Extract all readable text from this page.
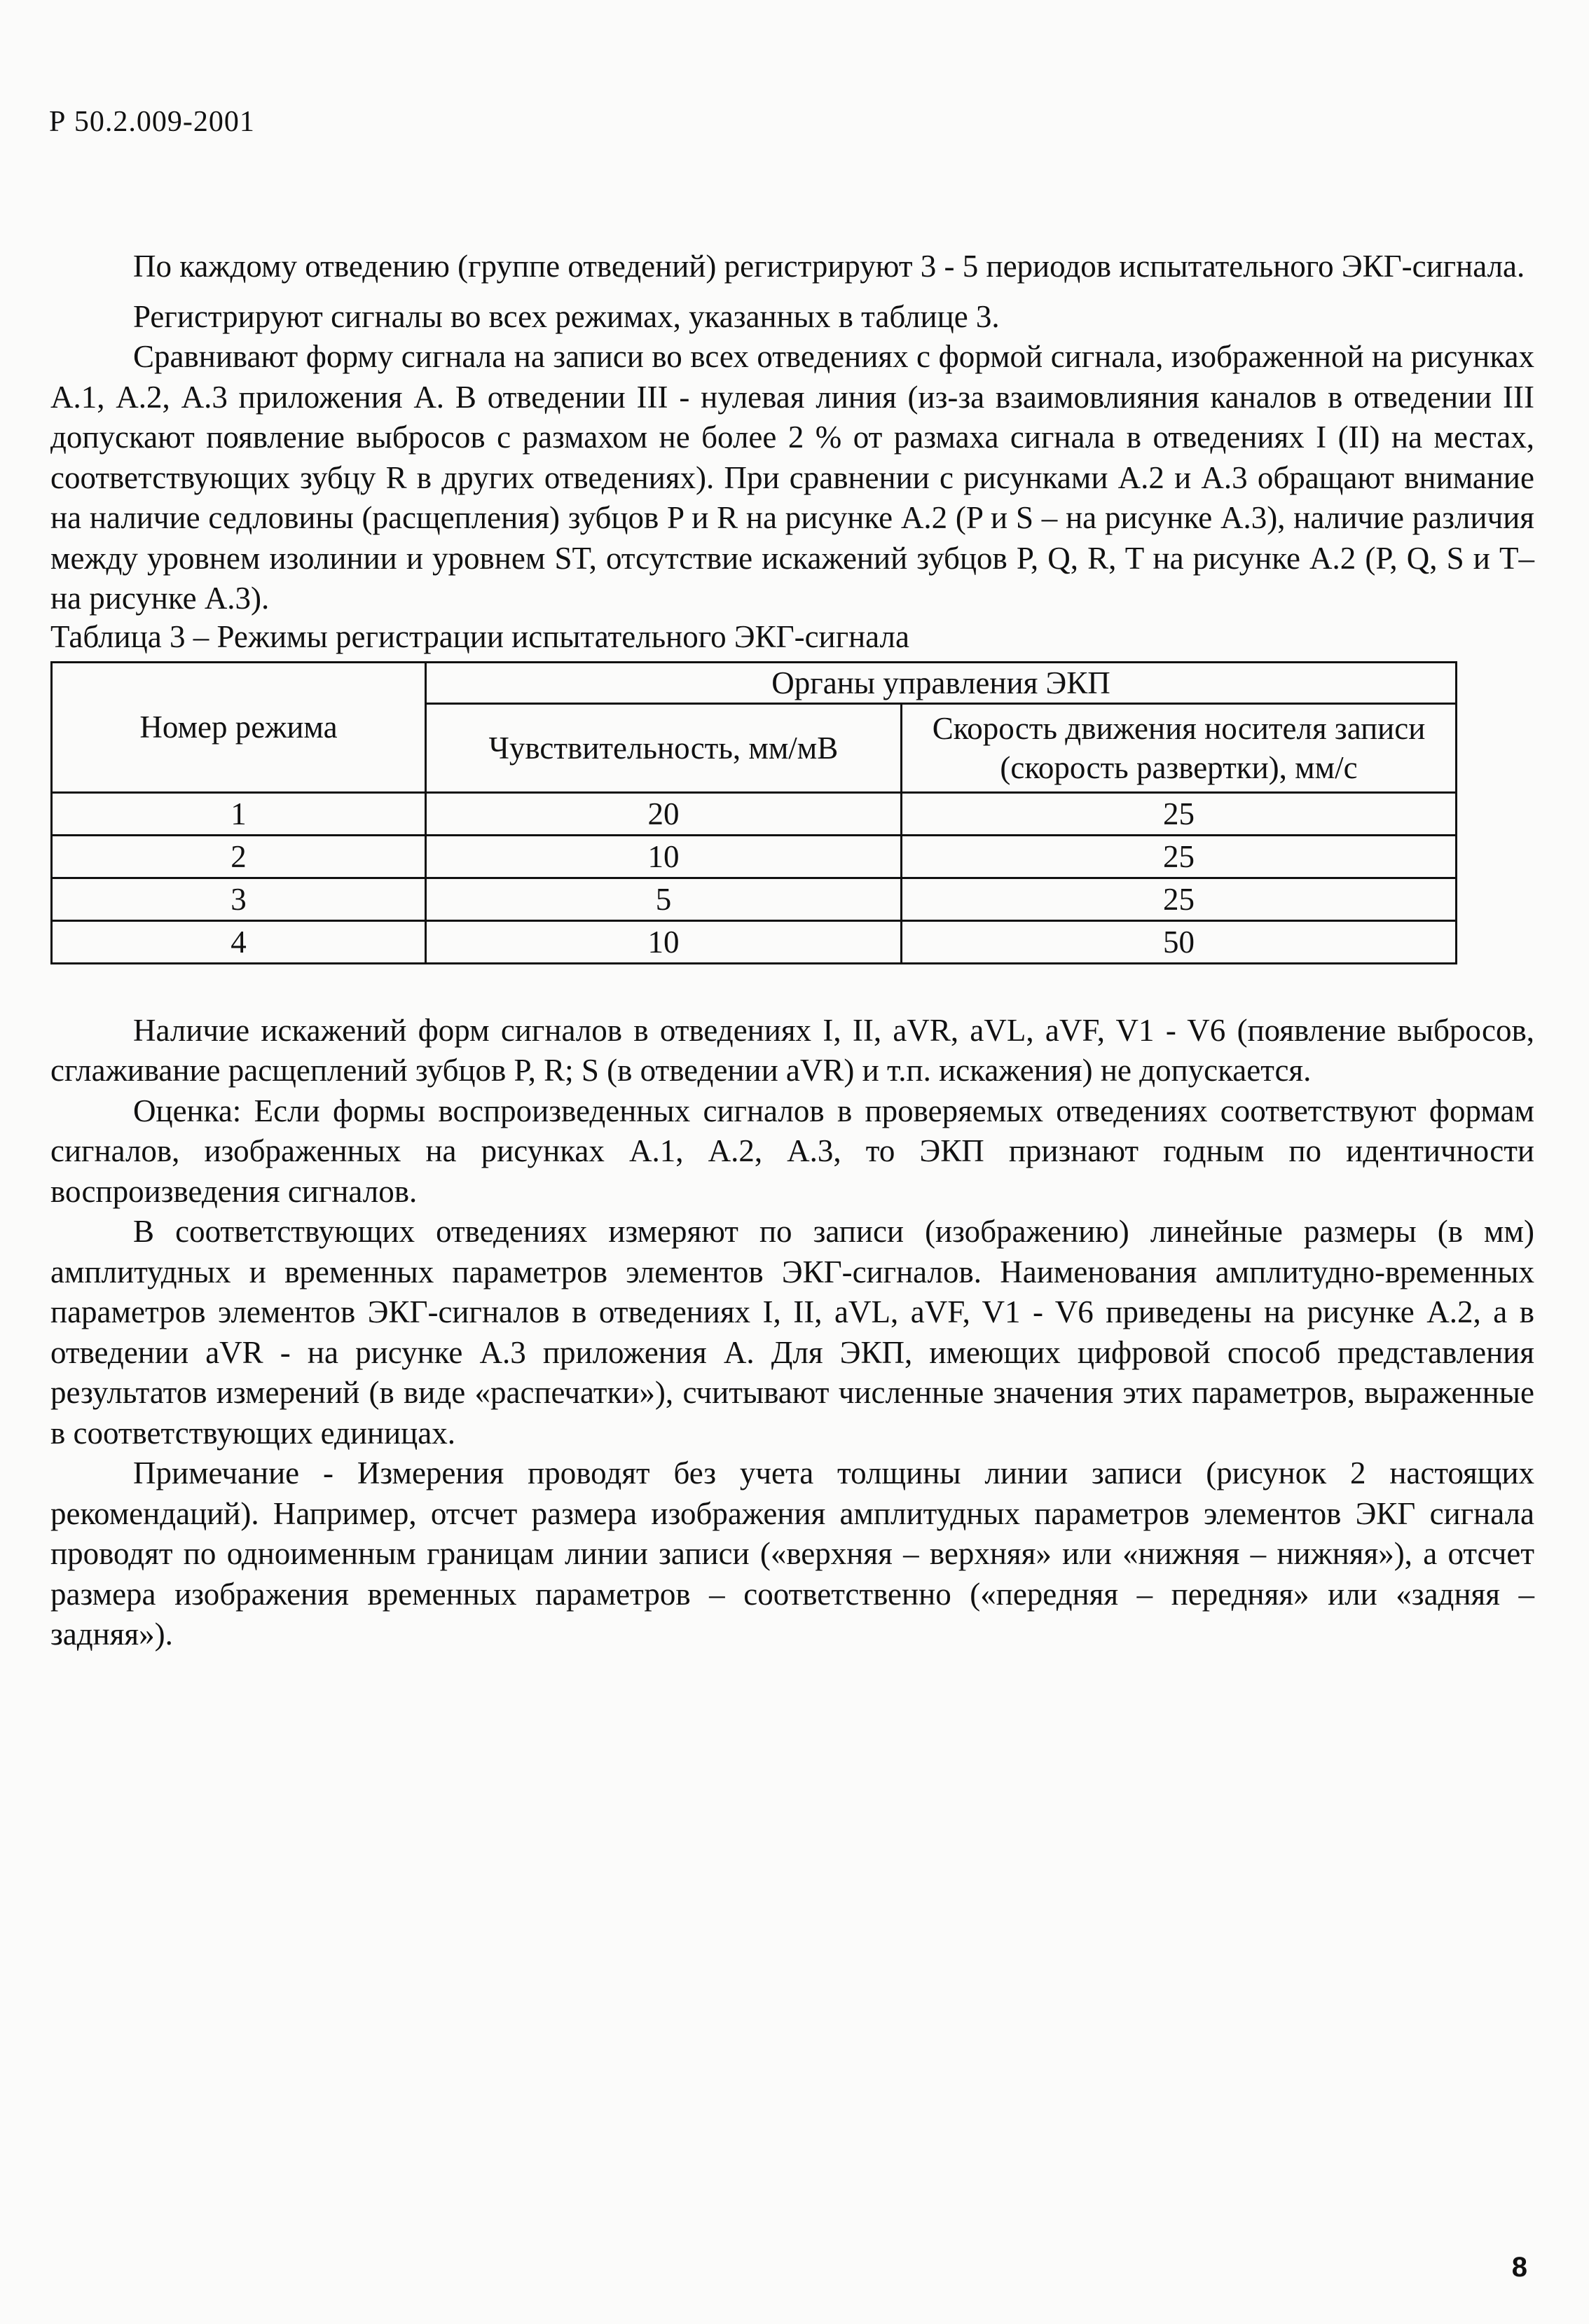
Р 50.2.009-2001

По каждому отведению (группе отведений) регистрируют 3 - 5 периодов испытательного ЭКГ-сигнала.

Регистрируют сигналы во всех режимах, указанных в таблице 3.

Сравнивают форму сигнала на записи во всех отведениях с формой сигнала, изображенной на рисунках А.1, А.2, А.3 приложения А. В отведении III - нулевая линия (из-за взаимовлияния каналов в отведении III допускают появление выбросов с размахом не более 2 % от размаха сигнала в отведениях I (II) на местах, соответствующих зубцу R в других отведениях). При сравнении с рисунками А.2 и А.3 обращают внимание на наличие седловины (расщепления) зубцов P и R на рисунке А.2 (P и S – на рисунке А.3), наличие различия между уровнем изолинии и уровнем ST, отсутствие искажений зубцов P, Q, R, T на рисунке А.2 (P, Q, S и T– на рисунке А.3).

Таблица 3 – Режимы регистрации испытательного ЭКГ-сигнала
Номер режима	Органы управления ЭКП	
	Чувствительность, мм/мВ	Скорость движения носителя записи (скорость развертки), мм/с
1	20	25
2	10	25
3	5	25
4	10	50

Наличие искажений форм сигналов в отведениях I, II, aVR, aVL, aVF, V1 - V6 (появление выбросов, сглаживание расщеплений зубцов P, R; S (в отведении aVR) и т.п. искажения) не допускается.

Оценка: Если формы воспроизведенных сигналов в проверяемых отведениях соответствуют формам сигналов, изображенных на рисунках А.1, А.2, А.3, то ЭКП признают годным по идентичности воспроизведения сигналов.

В соответствующих отведениях измеряют по записи (изображению) линейные размеры (в мм) амплитудных и временных параметров элементов ЭКГ-сигналов. Наименования амплитудно-временных параметров элементов ЭКГ-сигналов в отведениях I, II, aVL, aVF, V1 - V6 приведены на рисунке А.2, а в отведении aVR - на рисунке А.3 приложения А. Для ЭКП, имеющих цифровой способ представления результатов измерений (в виде «распечатки»), считывают численные значения этих параметров, выраженные в соответствующих единицах.

Примечание - Измерения проводят без учета толщины линии записи (рисунок 2 настоящих рекомендаций). Например, отсчет размера изображения амплитудных параметров элементов ЭКГ сигнала проводят по одноименным границам линии записи («верхняя – верхняя» или «нижняя – нижняя»), а отсчет размера изображения временных параметров – соответственно («передняя – передняя» или «задняя – задняя»).

8
